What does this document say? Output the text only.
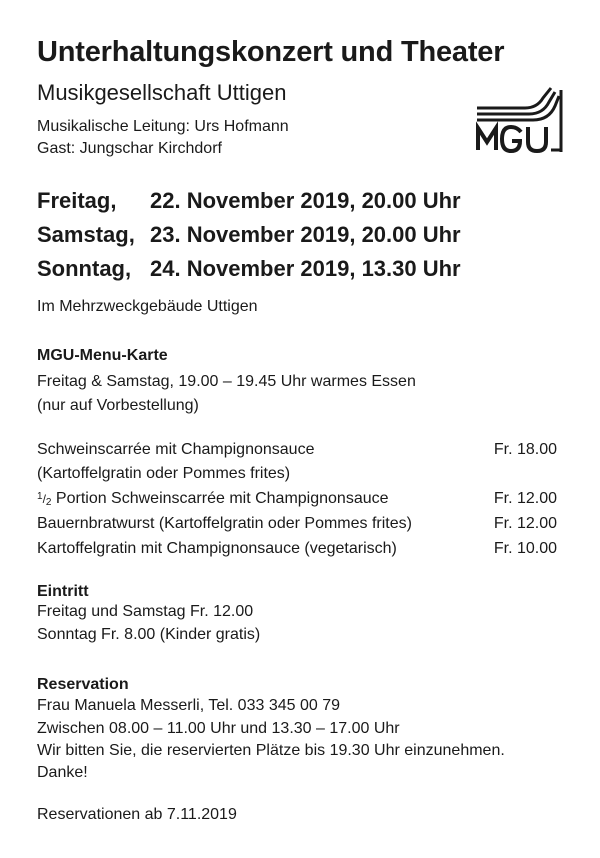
Unterhaltungskonzert und Theater
Musikgesellschaft Uttigen
Musikalische Leitung: Urs Hofmann
Gast: Jungschar Kirchdorf
MGU
Freitag, 22. November 2019, 20.00 Uhr
Samstag, 23. November 2019, 20.00 Uhr
Sonntag, 24. November 2019, 13.30 Uhr
Im Mehrzweckgebäude Uttigen
MGU-Menu-Karte
Freitag & Samstag, 19.00 – 19.45 Uhr warmes Essen
(nur auf Vorbestellung)
Schweinscarrée mit Champignonsauce	Fr. 18.00
(Kartoffelgratin oder Pommes frites)
$^1$/2 Portion Schweinscarrée mit Champignonsauce	Fr. 12.00
Bauernbratwurst (Kartoffelgratin oder Pommes frites)	Fr. 12.00
Kartoffelgratin mit Champignonsauce (vegetarisch)	Fr. 10.00
Eintritt
Freitag und Samstag Fr. 12.00
Sonntag Fr. 8.00 (Kinder gratis)
Reservation
Frau Manuela Messerli, Tel. 033 345 00 79
Zwischen 08.00 – 11.00 Uhr und 13.30 – 17.00 Uhr
Wir bitten Sie, die reservierten Plätze bis 19.30 Uhr einzunehmen.
Danke!
Reservationen ab 7.11.2019
